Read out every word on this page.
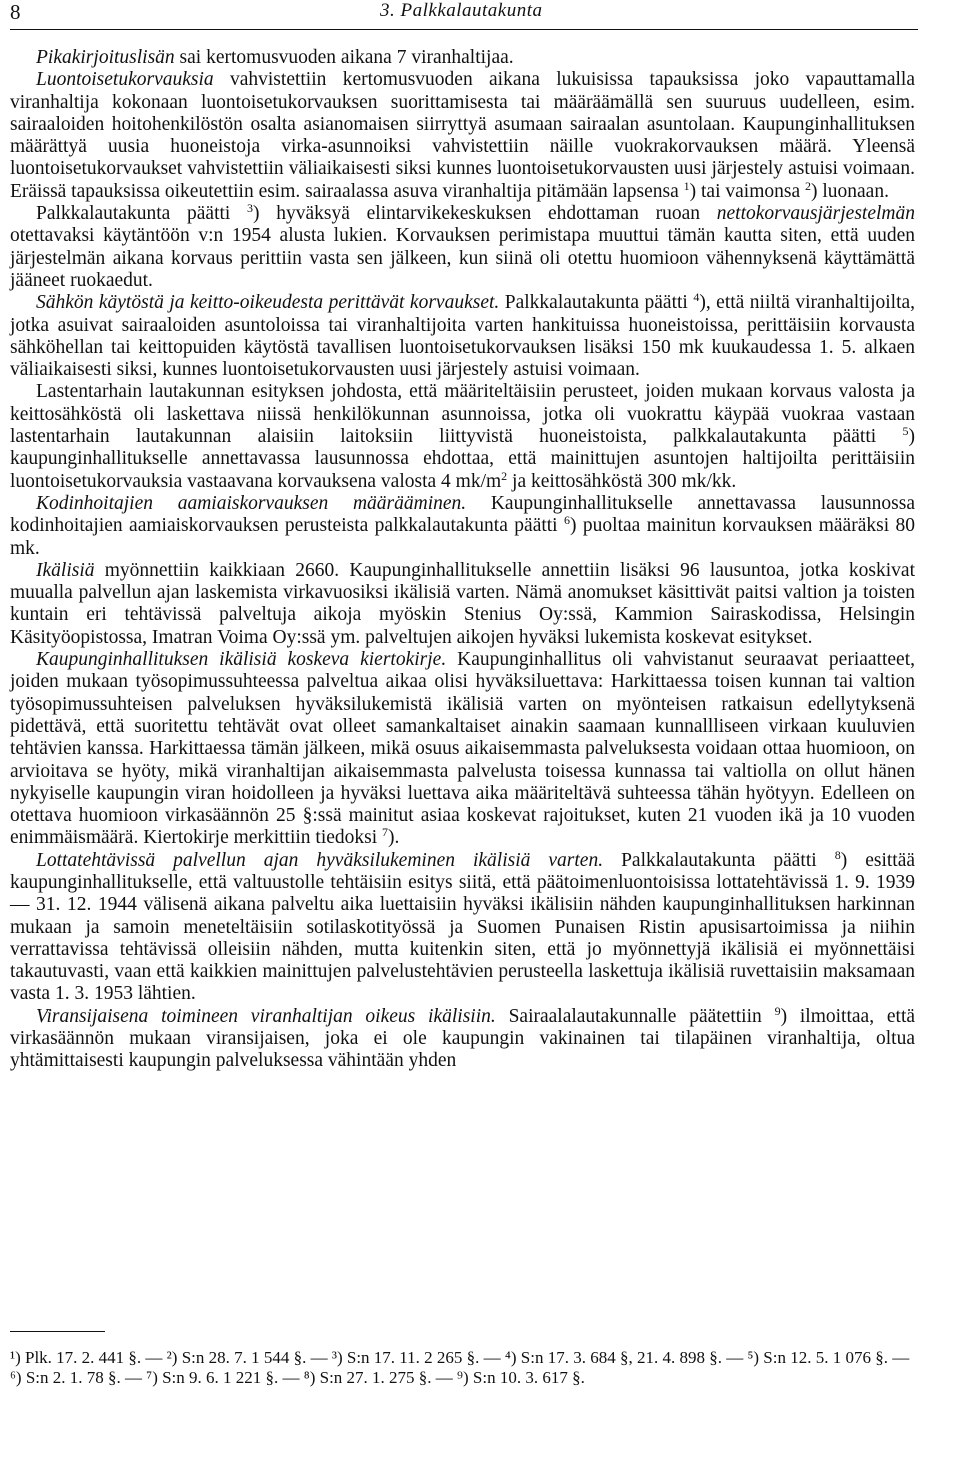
8	3. Palkkalautakunta

Pikakirjoituslisän sai kertomusvuoden aikana 7 viranhaltijaa.

Luontoisetukorvauksia vahvistettiin kertomusvuoden aikana lukuisissa tapauksissa joko vapauttamalla viranhaltija kokonaan luontoisetukorvauksen suorittamisesta tai määräämällä sen suuruus uudelleen, esim. sairaaloiden hoitohenkilöstön osalta asianomaisen siirryttyä asumaan sairaalan asuntolaan. Kaupunginhallituksen määrättyä uusia huoneistoja virka-asunnoiksi vahvistettiin näille vuokrakorvauksen määrä. Yleensä luontoisetukorvaukset vahvistettiin väliaikaisesti siksi kunnes luontoisetukorvausten uusi järjestely astuisi voimaan. Eräissä tapauksissa oikeutettiin esim. sairaalassa asuva viranhaltija pitämään lapsensa $^1$) tai vaimonsa $^2$) luonaan.

Palkkalautakunta päätti $^3$) hyväksyä elintarvikekeskuksen ehdottaman ruoan nettokorvausjärjestelmän otettavaksi käytäntöön v:n 1954 alusta lukien. Korvauksen perimistapa muuttui tämän kautta siten, että uuden järjestelmän aikana korvaus perittiin vasta sen jälkeen, kun siinä oli otettu huomioon vähennyksenä käyttämättä jääneet ruokaedut.

Sähkön käytöstä ja keitto-oikeudesta perittävät korvaukset. Palkkalautakunta päätti $^4$), että niiltä viranhaltijoilta, jotka asuivat sairaaloiden asuntoloissa tai viranhaltijoita varten hankituissa huoneistoissa, perittäisiin korvausta sähköhellan tai keittopuiden käytöstä tavallisen luontoisetukorvauksen lisäksi 150 mk kuukaudessa 1. 5. alkaen väliaikaisesti siksi, kunnes luontoisetukorvausten uusi järjestely astuisi voimaan.

Lastentarhain lautakunnan esityksen johdosta, että määriteltäisiin perusteet, joiden mukaan korvaus valosta ja keittosähköstä oli laskettava niissä henkilökunnan asunnoissa, jotka oli vuokrattu käypää vuokraa vastaan lastentarhain lautakunnan alaisiin laitoksiin liittyvistä huoneistoista, palkkalautakunta päätti $^5$) kaupunginhallitukselle annettavassa lausunnossa ehdottaa, että mainittujen asuntojen haltijoilta perittäisiin luontoisetukorvauksia vastaavana korvauksena valosta 4 $mk/m^2$ ja keittosähköstä 300 mk/kk.

Kodinhoitajien aamiaiskorvauksen määrääminen. Kaupunginhallitukselle annettavassa lausunnossa kodinhoitajien aamiaiskorvauksen perusteista palkkalautakunta päätti $^6$) puoltaa mainitun korvauksen määräksi 80 mk.

Ikälisiä myönnettiin kaikkiaan 2660. Kaupunginhallitukselle annettiin lisäksi 96 lausuntoa, jotka koskivat muualla palvellun ajan laskemista virkavuosiksi ikälisiä varten. Nämä anomukset käsittivät paitsi valtion ja toisten kuntain eri tehtävissä palveltuja aikoja myöskin Stenius Oy:ssä, Kammion Sairaskodissa, Helsingin Käsityöopistossa, Imatran Voima Oy:ssä ym. palveltujen aikojen hyväksi lukemista koskevat esitykset.

Kaupunginhallituksen ikälisiä koskeva kiertokirje. Kaupunginhallitus oli vahvistanut seuraavat periaatteet, joiden mukaan työsopimussuhteessa palveltua aikaa olisi hyväksiluettava: Harkittaessa toisen kunnan tai valtion työsopimussuhteisen palveluksen hyväksilukemistä ikälisiä varten on myönteisen ratkaisun edellytyksenä pidettävä, että suoritettu tehtävät ovat olleet samankaltaiset ainakin saamaan kunnallliseen virkaan kuuluvien tehtävien kanssa. Harkittaessa tämän jälkeen, mikä osuus aikaisemmasta palveluksesta voidaan ottaa huomioon, on arvioitava se hyöty, mikä viranhaltijan aikaisemmasta palvelusta toisessa kunnassa tai valtiolla on ollut hänen nykyiselle kaupungin viran hoidolleen ja hyväksi luettava aika määriteltävä suhteessa tähän hyötyyn. Edelleen on otettava huomioon virkasäännön 25 §:ssä mainitut asiaa koskevat rajoitukset, kuten 21 vuoden ikä ja 10 vuoden enimmäismäärä. Kiertokirje merkittiin tiedoksi $^7$).

Lottatehtävissä palvellun ajan hyväksilukeminen ikälisiä varten. Palkkalautakunta päätti $^8$) esittää kaupunginhallitukselle, että valtuustolle tehtäisiin esitys siitä, että päätoimenluontoisissa lottatehtävissä 1. 9. 1939 — 31. 12. 1944 välisenä aikana palveltu aika luettaisiin hyväksi ikälisiin nähden kaupunginhallituksen harkinnan mukaan ja samoin meneteltäisiin sotilaskotityössä ja Suomen Punaisen Ristin apusisartoimissa ja niihin verrattavissa tehtävissä olleisiin nähden, mutta kuitenkin siten, että jo myönnettyjä ikälisiä ei myönnettäisi takautuvasti, vaan että kaikkien mainittujen palvelustehtävien perusteella laskettuja ikälisiä ruvettaisiin maksamaan vasta 1. 3. 1953 lähtien.

Viransijaisena toimineen viranhaltijan oikeus ikälisiin. Sairaalalautakunnalle päätettiin $^9$) ilmoittaa, että virkasäännön mukaan viransijaisen, joka ei ole kaupungin vakinainen tai tilapäinen viranhaltija, oltua yhtämittaisesti kaupungin palveluksessa vähintään yhden

¹) Plk. 17. 2. 441 §. — ²) S:n 28. 7. 1 544 §. — ³) S:n 17. 11. 2 265 §. — ⁴) S:n 17. 3. 684 §, 21. 4. 898 §. — ⁵) S:n 12. 5. 1 076 §. — ⁶) S:n 2. 1. 78 §. — ⁷) S:n 9. 6. 1 221 §. — ⁸) S:n 27. 1. 275 §. — ⁹) S:n 10. 3. 617 §.
